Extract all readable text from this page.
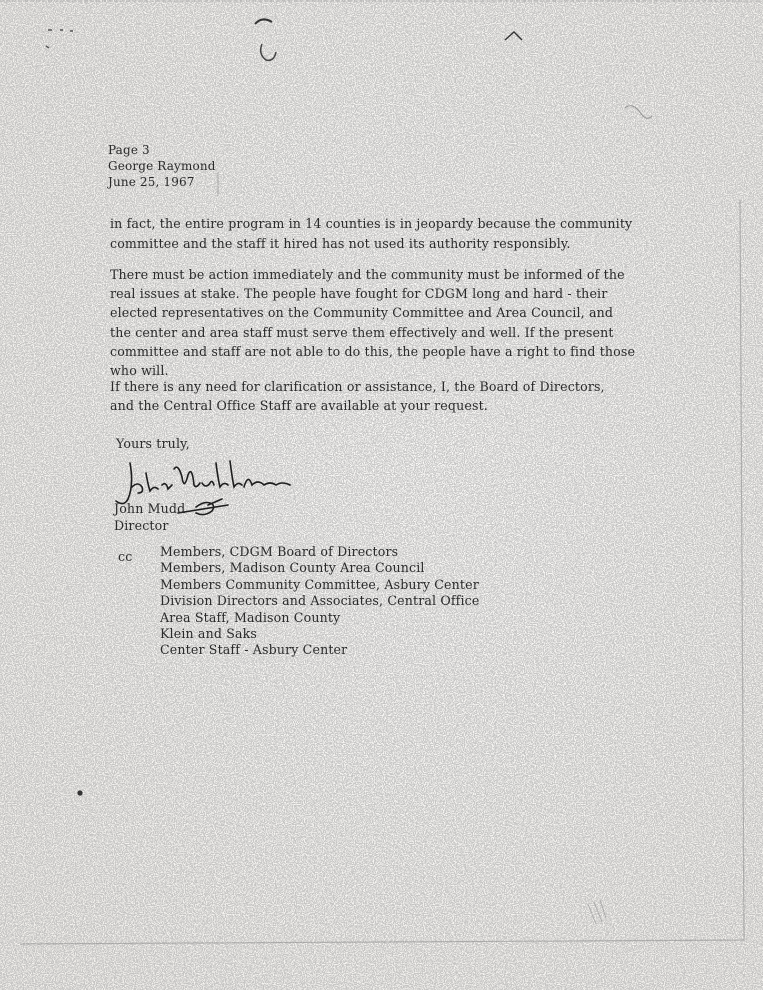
Page 3
George Raymond
June 25, 1967

in fact, the entire program in 14 counties is in jeopardy because the community

committee and the staff it hired has not used its authority responsibly.

There must be action immediately and the community must be informed of the

real issues at stake. The people have fought for CDGM long and hard - their

elected representatives on the Community Committee and Area Council, and

the center and area staff must serve them effectively and well. If the present

committee and staff are not able to do this, the people have a right to find those

who will.

If there is any need for clarification or assistance, I, the Board of Directors,

and the Central Office Staff are available at your request.

Yours truly,
John Mudd
Director
cc Members, CDGM Board of Directors
Members, Madison County Area Council
Members Community Committee, Asbury Center
Division Directors and Associates, Central Office
Area Staff, Madison County
Klein and Saks
Center Staff - Asbury Center
